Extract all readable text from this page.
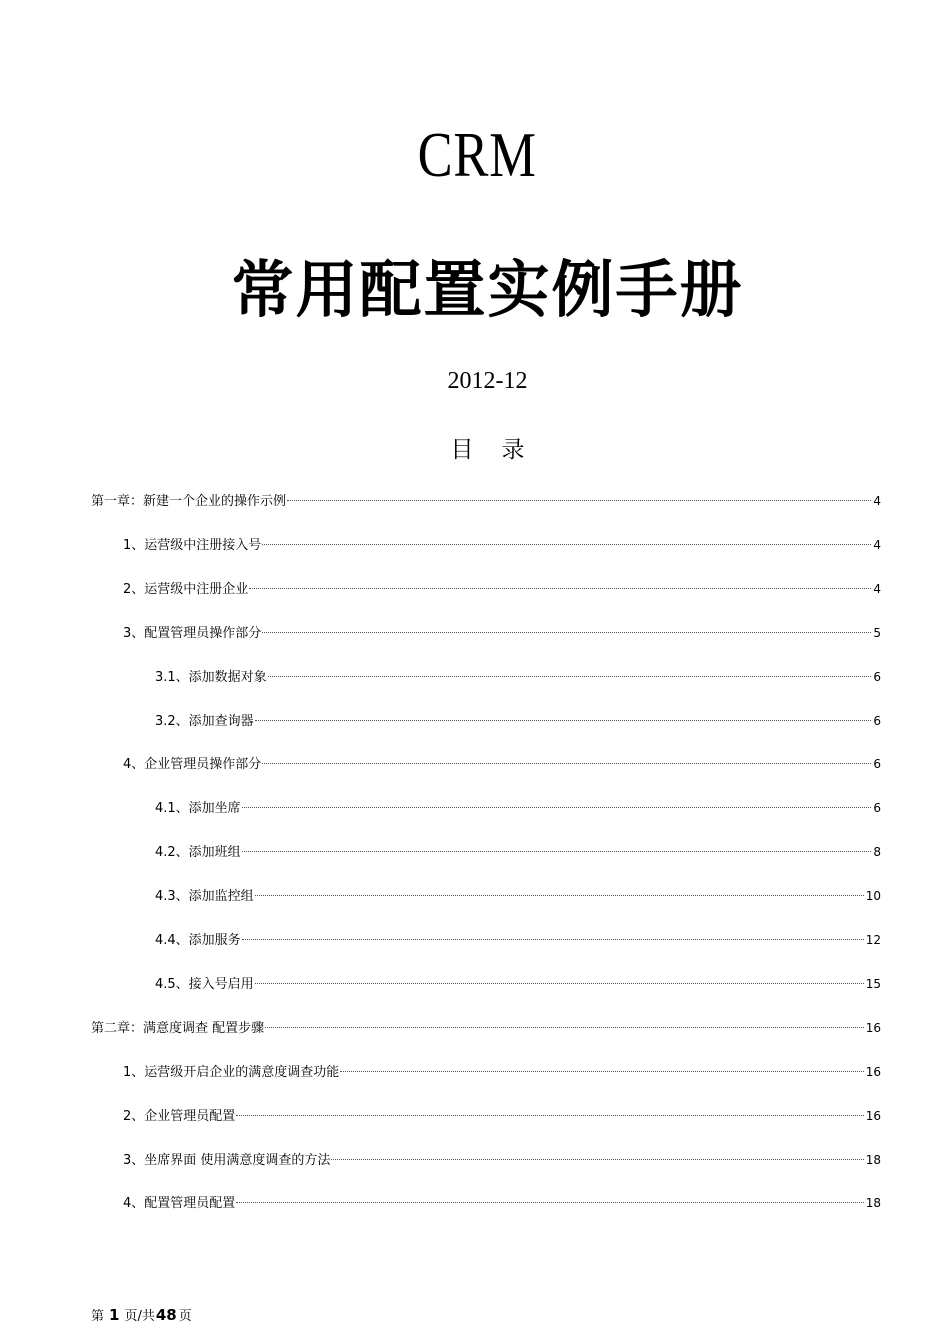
CRM
常用配置实例手册
2012-12
目录
第一章：新建一个企业的操作示例	4
1、运营级中注册接入号	4
2、运营级中注册企业	4
3、配置管理员操作部分	5
3.1、添加数据对象	6
3.2、添加查询器	6
4、企业管理员操作部分	6
4.1、添加坐席	6
4.2、添加班组	8
4.3、添加监控组	10
4.4、添加服务	12
4.5、接入号启用	15
第二章：满意度调查 配置步骤	16
1、运营级开启企业的满意度调查功能	16
2、企业管理员配置	16
3、坐席界面 使用满意度调查的方法	18
4、配置管理员配置	18
第 1 页/共48 页
